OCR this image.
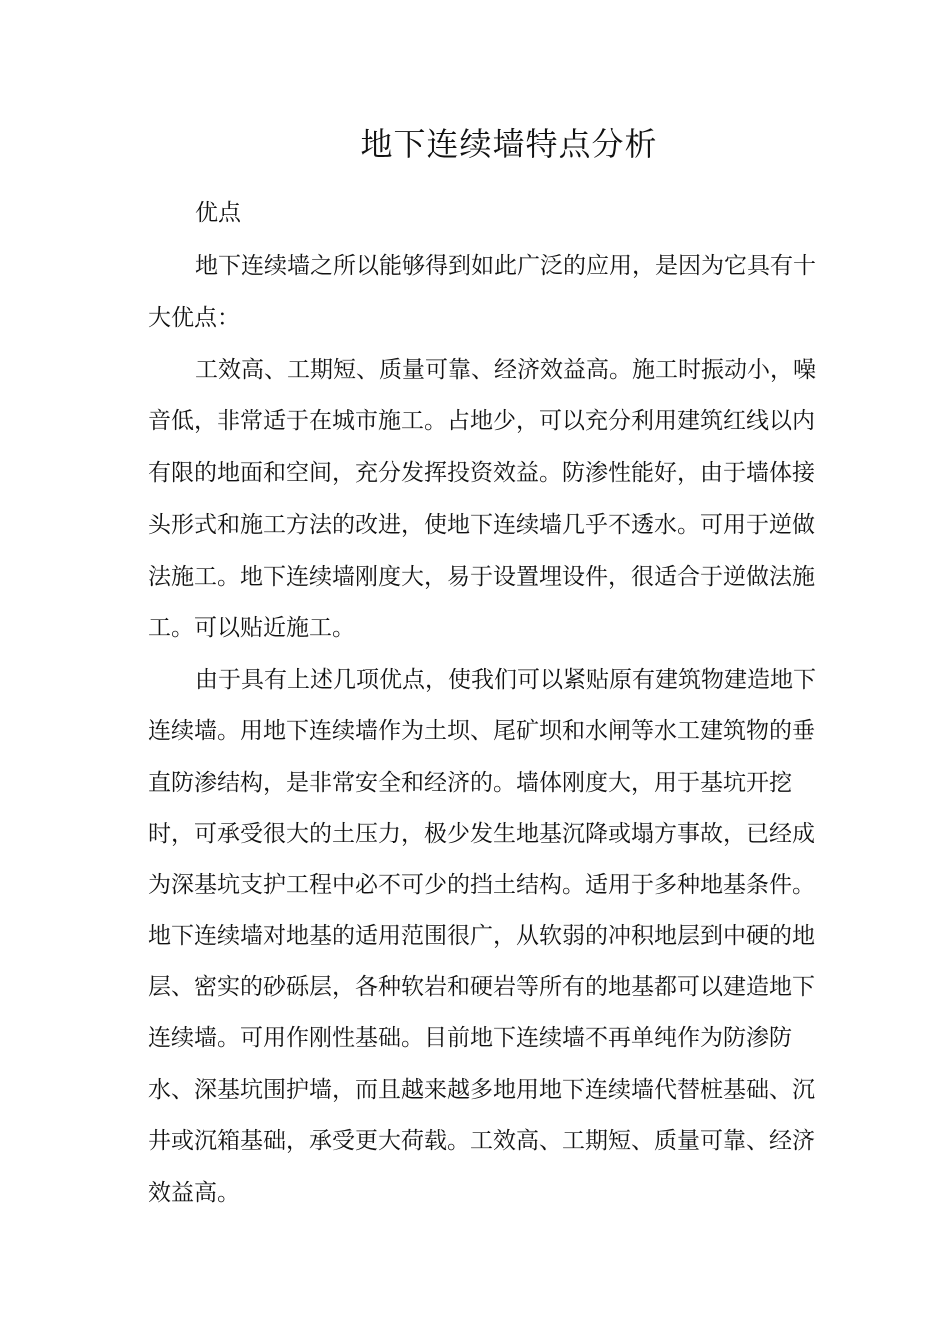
地下连续墙特点分析
优点
地下连续墙之所以能够得到如此广泛的应用，是因为它具有十
大优点：
工效高、工期短、质量可靠、经济效益高。施工时振动小，噪
音低，非常适于在城市施工。占地少，可以充分利用建筑红线以内
有限的地面和空间，充分发挥投资效益。防渗性能好，由于墙体接
头形式和施工方法的改进，使地下连续墙几乎不透水。可用于逆做
法施工。地下连续墙刚度大，易于设置埋设件，很适合于逆做法施
工。可以贴近施工。
由于具有上述几项优点，使我们可以紧贴原有建筑物建造地下
连续墙。用地下连续墙作为土坝、尾矿坝和水闸等水工建筑物的垂
直防渗结构，是非常安全和经济的。墙体刚度大，用于基坑开挖
时，可承受很大的土压力，极少发生地基沉降或塌方事故，已经成
为深基坑支护工程中必不可少的挡土结构。适用于多种地基条件。
地下连续墙对地基的适用范围很广，从软弱的冲积地层到中硬的地
层、密实的砂砾层，各种软岩和硬岩等所有的地基都可以建造地下
连续墙。可用作刚性基础。目前地下连续墙不再单纯作为防渗防
水、深基坑围护墙，而且越来越多地用地下连续墙代替桩基础、沉
井或沉箱基础，承受更大荷载。工效高、工期短、质量可靠、经济
效益高。
